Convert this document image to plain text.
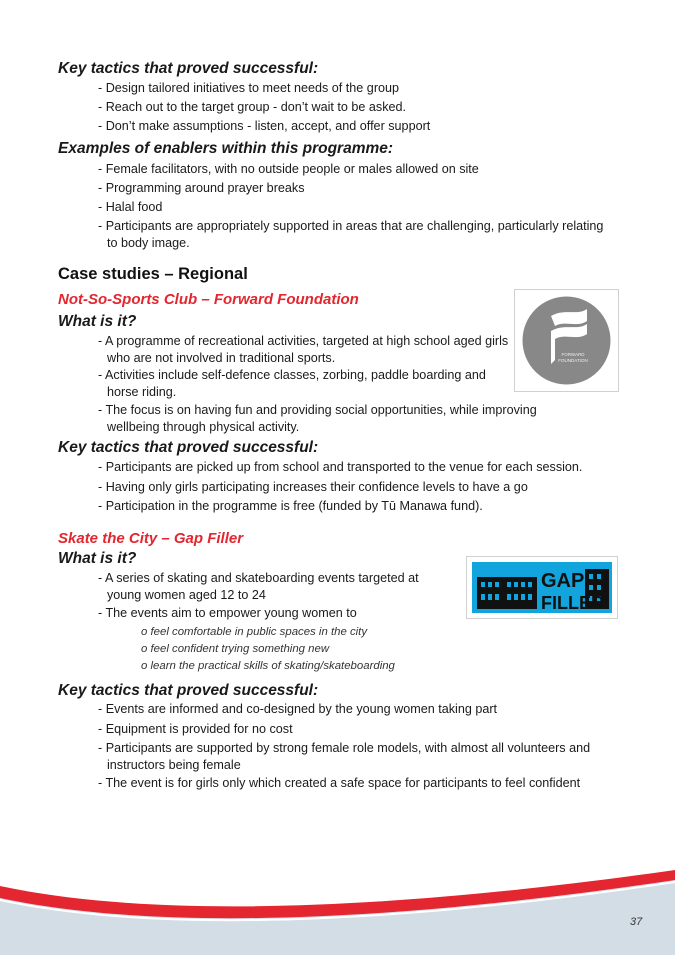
Key tactics that proved successful:
- Design tailored initiatives to meet needs of the group
- Reach out to the target group - don’t wait to be asked.
- Don’t make assumptions - listen, accept, and offer support
Examples of enablers within this programme:
- Female facilitators, with no outside people or males allowed on site
- Programming around prayer breaks
- Halal food
- Participants are appropriately supported in areas that are challenging, particularly relating to body image.
Case studies – Regional
Not-So-Sports Club – Forward Foundation
What is it?
- A programme of recreational activities, targeted at high school aged girls who are not involved in traditional sports.
- Activities include self-defence classes, zorbing, paddle boarding and horse riding.
- The focus is on having fun and providing social opportunities, while improving wellbeing through physical activity.
FORWARD
FOUNDATION
Key tactics that proved successful:
- Participants are picked up from school and transported to the venue for each session.
- Having only girls participating increases their confidence levels to have a go
- Participation in the programme is free (funded by Tū Manawa fund).
Skate the City – Gap Filler
What is it?
- A series of skating and skateboarding events targeted at young women aged 12 to 24
- The events aim to empower young women to
o feel comfortable in public spaces in the city
o feel confident trying something new
o learn the practical skills of skating/skateboarding
GAP
FILLER
Key tactics that proved successful:
- Events are informed and co-designed by the young women taking part
- Equipment is provided for no cost
- Participants are supported by strong female role models, with almost all volunteers and instructors being female
- The event is for girls only which created a safe space for participants to feel confident
37
